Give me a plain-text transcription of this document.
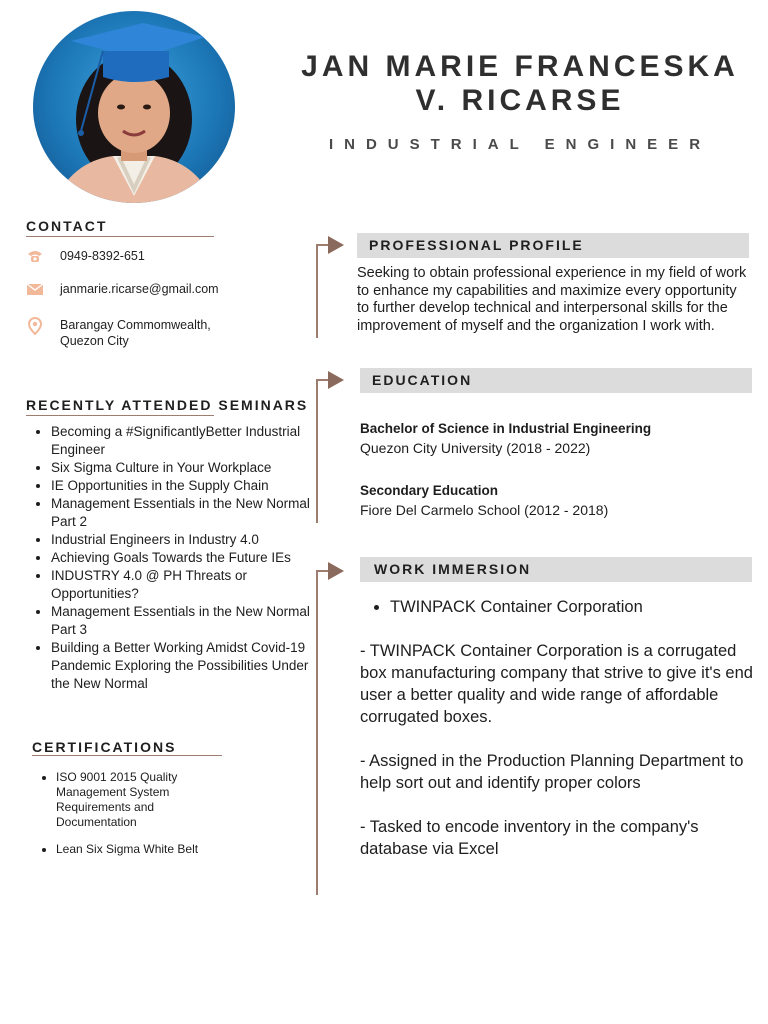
JAN MARIE FRANCESKA
V. RICARSE
INDUSTRIAL ENGINEER
CONTACT
0949-8392-651
janmarie.ricarse@gmail.com
Barangay Commomwealth,
Quezon City
RECENTLY ATTENDED SEMINARS
• Becoming a #SignificantlyBetter Industrial Engineer
• Six Sigma Culture in Your Workplace
• IE Opportunities in the Supply Chain
• Management Essentials in the New Normal Part 2
• Industrial Engineers in Industry 4.0
• Achieving Goals Towards the Future IEs
• INDUSTRY 4.0 @ PH Threats or Opportunities?
• Management Essentials in the New Normal Part 3
• Building a Better Working Amidst Covid-19 Pandemic Exploring the Possibilities Under the New Normal
CERTIFICATIONS
• ISO 9001 2015 Quality Management System Requirements and Documentation
• Lean Six Sigma White Belt
PROFESSIONAL PROFILE
Seeking to obtain professional experience in my field of work to enhance my capabilities and maximize every opportunity to further develop technical and interpersonal skills for the improvement of myself and the organization I work with.
EDUCATION
Bachelor of Science in Industrial Engineering
Quezon City University (2018 - 2022)
Secondary Education
Fiore Del Carmelo School (2012 - 2018)
WORK IMMERSION
• TWINPACK Container Corporation
- TWINPACK Container Corporation is a corrugated box manufacturing company that strive to give it's end user a better quality and wide range of affordable corrugated boxes.
- Assigned in the Production Planning Department to help sort out and identify proper colors
- Tasked to encode inventory in the company's database via Excel
